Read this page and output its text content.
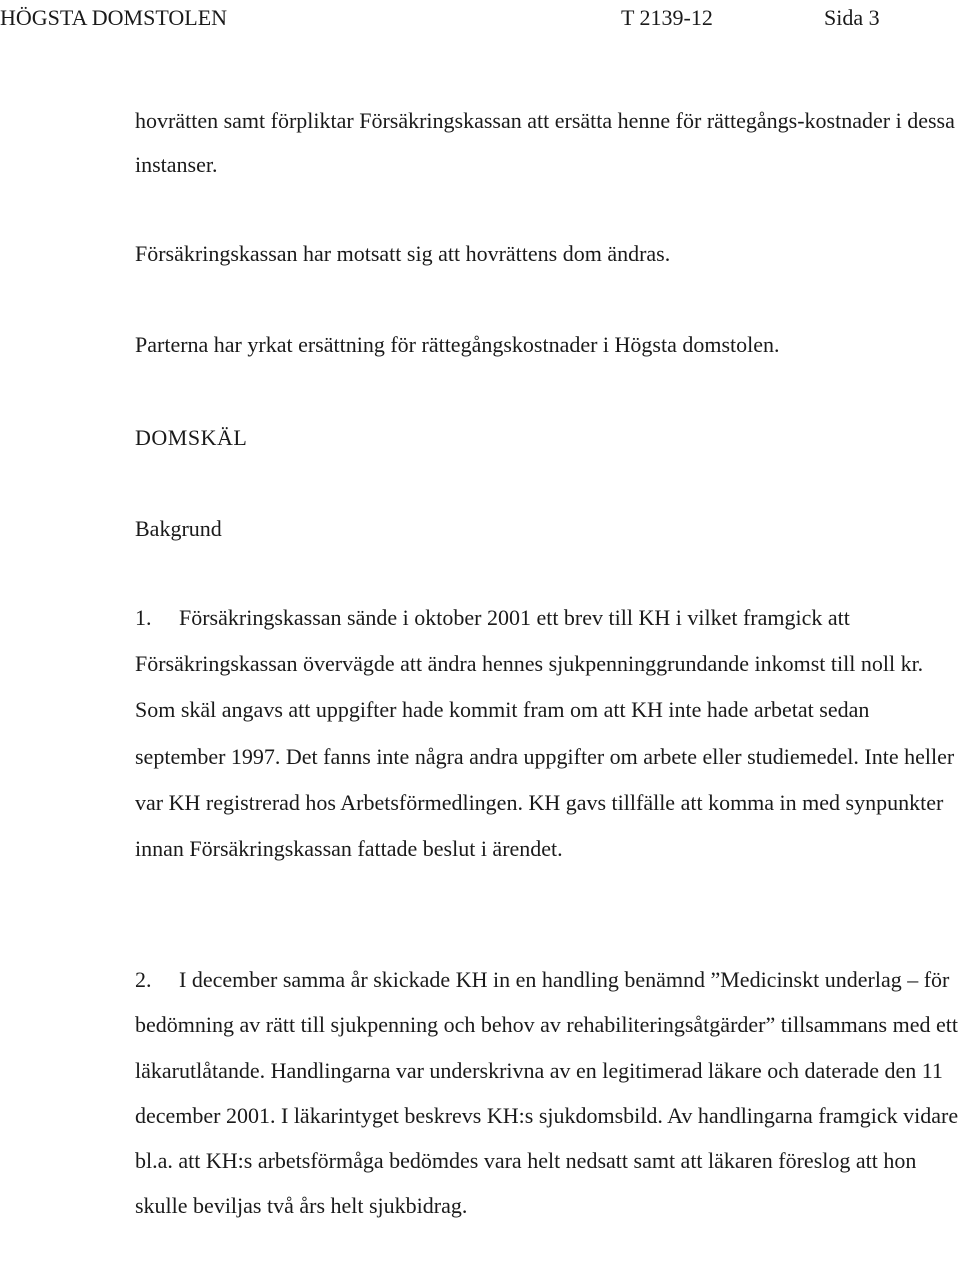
HÖGSTA DOMSTOLEN	T 2139-12	Sida 3

hovrätten samt förpliktar Försäkringskassan att ersätta henne för rättegångs-kostnader i dessa instanser.

Försäkringskassan har motsatt sig att hovrättens dom ändras.

Parterna har yrkat ersättning för rättegångskostnader i Högsta domstolen.

DOMSKÄL

Bakgrund

1. Försäkringskassan sände i oktober 2001 ett brev till KH i vilket framgick att Försäkringskassan övervägde att ändra hennes sjukpenninggrundande inkomst till noll kr. Som skäl angavs att uppgifter hade kommit fram om att KH inte hade arbetat sedan september 1997. Det fanns inte några andra uppgifter om arbete eller studiemedel. Inte heller var KH registrerad hos Arbetsförmedlingen. KH gavs tillfälle att komma in med synpunkter innan Försäkringskassan fattade beslut i ärendet.

2. I december samma år skickade KH in en handling benämnd ”Medicinskt underlag – för bedömning av rätt till sjukpenning och behov av rehabiliteringsåtgärder” tillsammans med ett läkarutlåtande. Handlingarna var underskrivna av en legitimerad läkare och daterade den 11 december 2001. I läkarintyget beskrevs KH:s sjukdomsbild. Av handlingarna framgick vidare bl.a. att KH:s arbetsförmåga bedömdes vara helt nedsatt samt att läkaren föreslog att hon skulle beviljas två års helt sjukbidrag.
